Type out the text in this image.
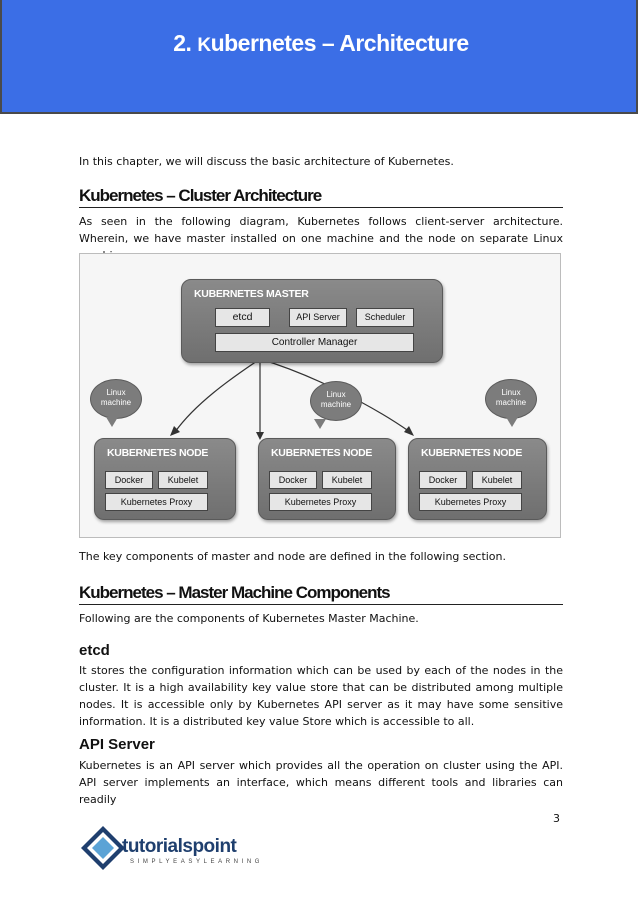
2. Kubernetes – Architecture

In this chapter, we will discuss the basic architecture of Kubernetes.

Kubernetes – Cluster Architecture

As seen in the following diagram, Kubernetes follows client-server architecture. Wherein, we have master installed on one machine and the node on separate Linux

KUBERNETES MASTER
etcd	API Server	Scheduler
Controller Manager
Linux machine
Linux machine
Linux machine
KUBERNETES NODE
Docker	Kubelet
Kubernetes Proxy
KUBERNETES NODE
Docker	Kubelet
Kubernetes Proxy
KUBERNETES NODE
Docker	Kubelet
Kubernetes Proxy

The key components of master and node are defined in the following section.

Kubernetes – Master Machine Components

Following are the components of Kubernetes Master Machine.

etcd

It stores the configuration information which can be used by each of the nodes in the cluster. It is a high availability key value store that can be distributed among multiple nodes. It is accessible only by Kubernetes API server as it may have some sensitive information. It is a distributed key value Store which is accessible to all.

API Server

Kubernetes is an API server which provides all the operation on cluster using the API. API server implements an interface, which means different tools and libraries can readily

3
tutorialspoint
SIMPLYEASYLEARNING
